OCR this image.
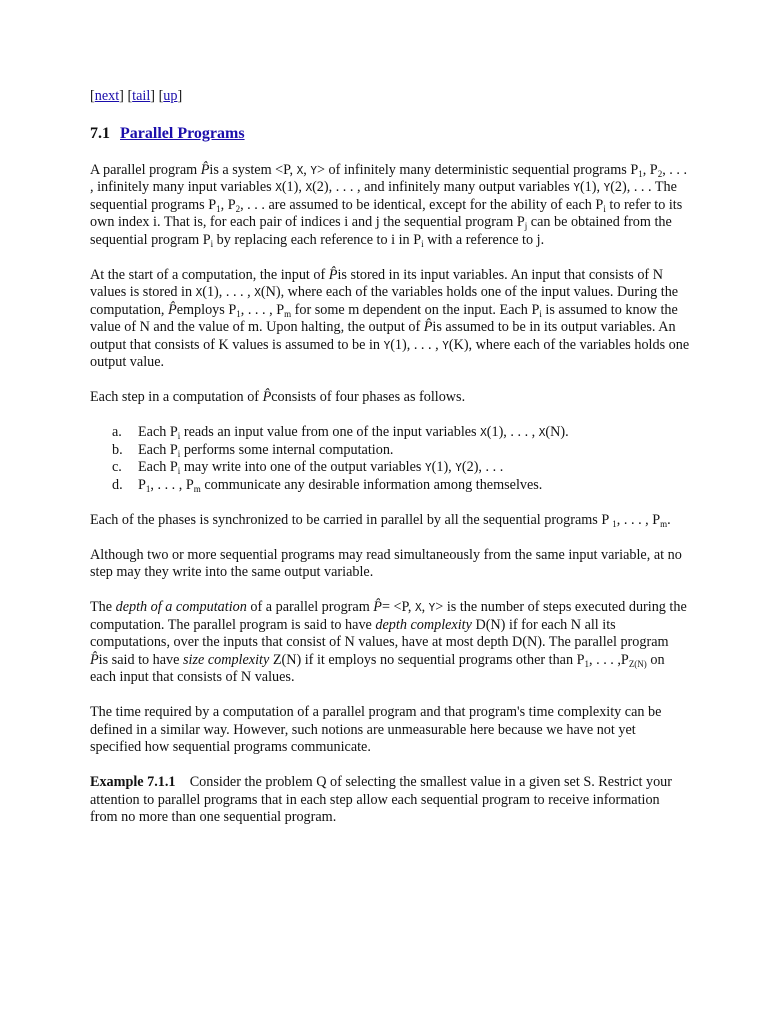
[next] [tail] [up]
7.1 Parallel Programs

A parallel program P̂is a system <P, X, Y> of infinitely many deterministic sequential programs $P_1$, $P_2$, . . . , infinitely many input variables X(1), X(2), . . . , and infinitely many output variables Y(1), Y(2), . . . The sequential programs $P_1$, $P_2$, . . . are assumed to be identical, except for the ability of each $P_i$ to refer to its own index i. That is, for each pair of indices i and j the sequential program $P_j$ can be obtained from the sequential program $P_i$ by replacing each reference to i in $P_i$ with a reference to j.

At the start of a computation, the input of P̂is stored in its input variables. An input that consists of N values is stored in X(1), . . . , X(N), where each of the variables holds one of the input values. During the computation, P̂employs $P_1$, . . . , $P_m$ for some m dependent on the input. Each $P_i$ is assumed to know the value of N and the value of m. Upon halting, the output of P̂is assumed to be in its output variables. An output that consists of K values is assumed to be in Y(1), . . . , Y(K), where each of the variables holds one output value.

Each step in a computation of P̂consists of four phases as follows.

a. Each $P_i$ reads an input value from one of the input variables X(1), . . . , X(N).
b. Each $P_i$ performs some internal computation.
c. Each $P_i$ may write into one of the output variables Y(1), Y(2), . . .
d. $P_1$, . . . , $P_m$ communicate any desirable information among themselves.

Each of the phases is synchronized to be carried in parallel by all the sequential programs P $_1$, . . . , $P_m$.

Although two or more sequential programs may read simultaneously from the same input variable, at no step may they write into the same output variable.

The depth of a computation of a parallel program P̂= <P, X, Y> is the number of steps executed during the computation. The parallel program is said to have depth complexity D(N) if for each N all its computations, over the inputs that consist of N values, have at most depth D(N). The parallel program P̂is said to have size complexity Z(N) if it employs no sequential programs other than $P_1$, . . . $,P_{Z(N)}$ on each input that consists of N values.

The time required by a computation of a parallel program and that program's time complexity can be defined in a similar way. However, such notions are unmeasurable here because we have not yet specified how sequential programs communicate.

Example 7.1.1 Consider the problem Q of selecting the smallest value in a given set S. Restrict your attention to parallel programs that in each step allow each sequential program to receive information from no more than one sequential program.
